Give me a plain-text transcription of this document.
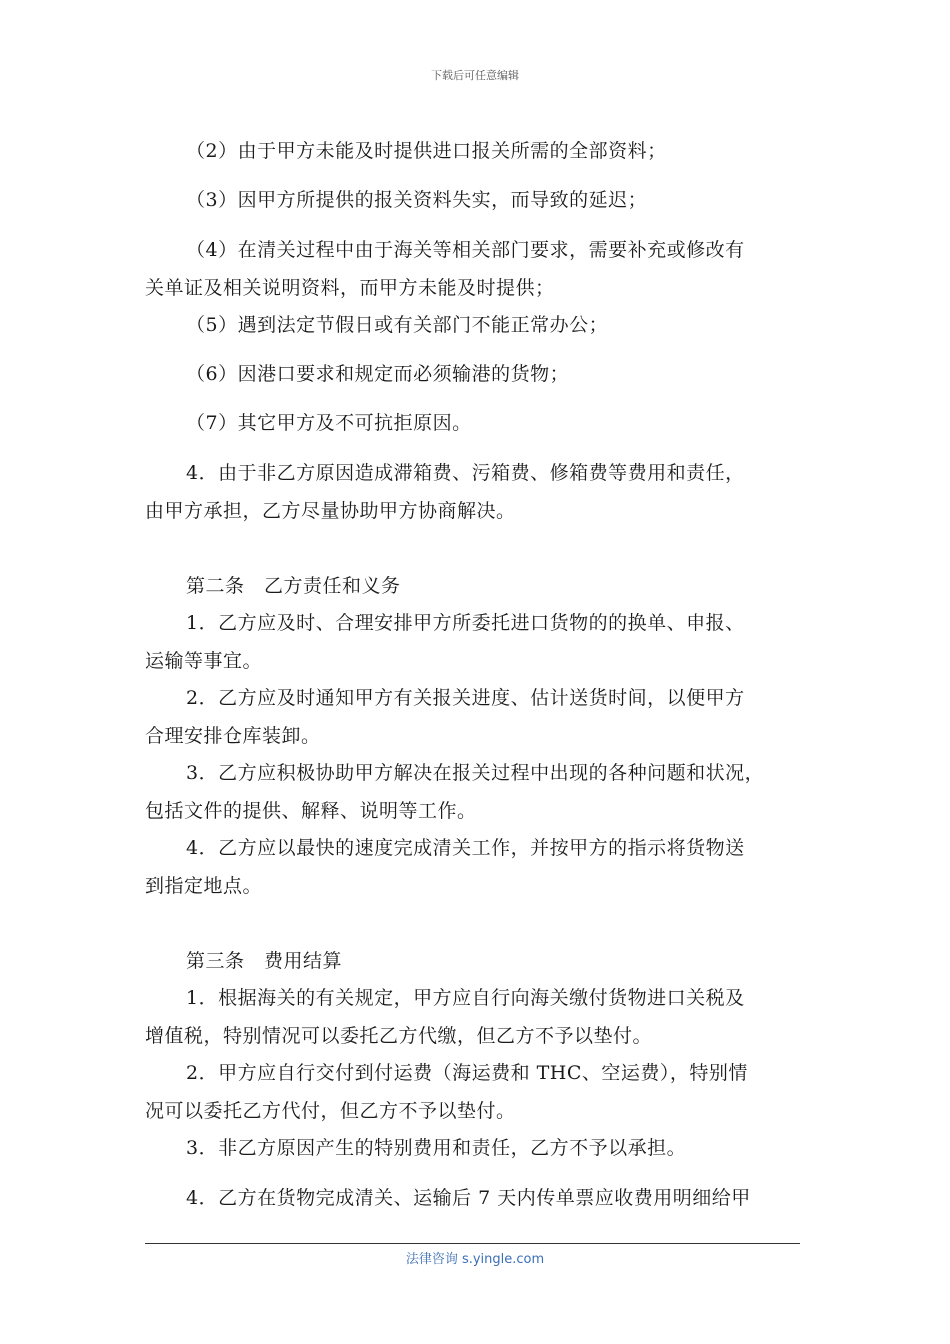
下载后可任意编辑
（2）由于甲方未能及时提供进口报关所需的全部资料；
（3）因甲方所提供的报关资料失实，而导致的延迟；
（4）在清关过程中由于海关等相关部门要求，需要补充或修改有
关单证及相关说明资料，而甲方未能及时提供；
（5）遇到法定节假日或有关部门不能正常办公；
（6）因港口要求和规定而必须输港的货物；
（7）其它甲方及不可抗拒原因。
4．由于非乙方原因造成滞箱费、污箱费、修箱费等费用和责任，
由甲方承担，乙方尽量协助甲方协商解决。
第二条　乙方责任和义务
1．乙方应及时、合理安排甲方所委托进口货物的的换单、申报、
运输等事宜。
2．乙方应及时通知甲方有关报关进度、估计送货时间，以便甲方
合理安排仓库装卸。
3．乙方应积极协助甲方解决在报关过程中出现的各种问题和状况，
包括文件的提供、解释、说明等工作。
4．乙方应以最快的速度完成清关工作，并按甲方的指示将货物送
到指定地点。
第三条　费用结算
1．根据海关的有关规定，甲方应自行向海关缴付货物进口关税及
增值税，特别情况可以委托乙方代缴，但乙方不予以垫付。
2．甲方应自行交付到付运费（海运费和 THC、空运费），特别情
况可以委托乙方代付，但乙方不予以垫付。
3．非乙方原因产生的特别费用和责任，乙方不予以承担。
4．乙方在货物完成清关、运输后 7 天内传单票应收费用明细给甲
法律咨询 s.yingle.com
